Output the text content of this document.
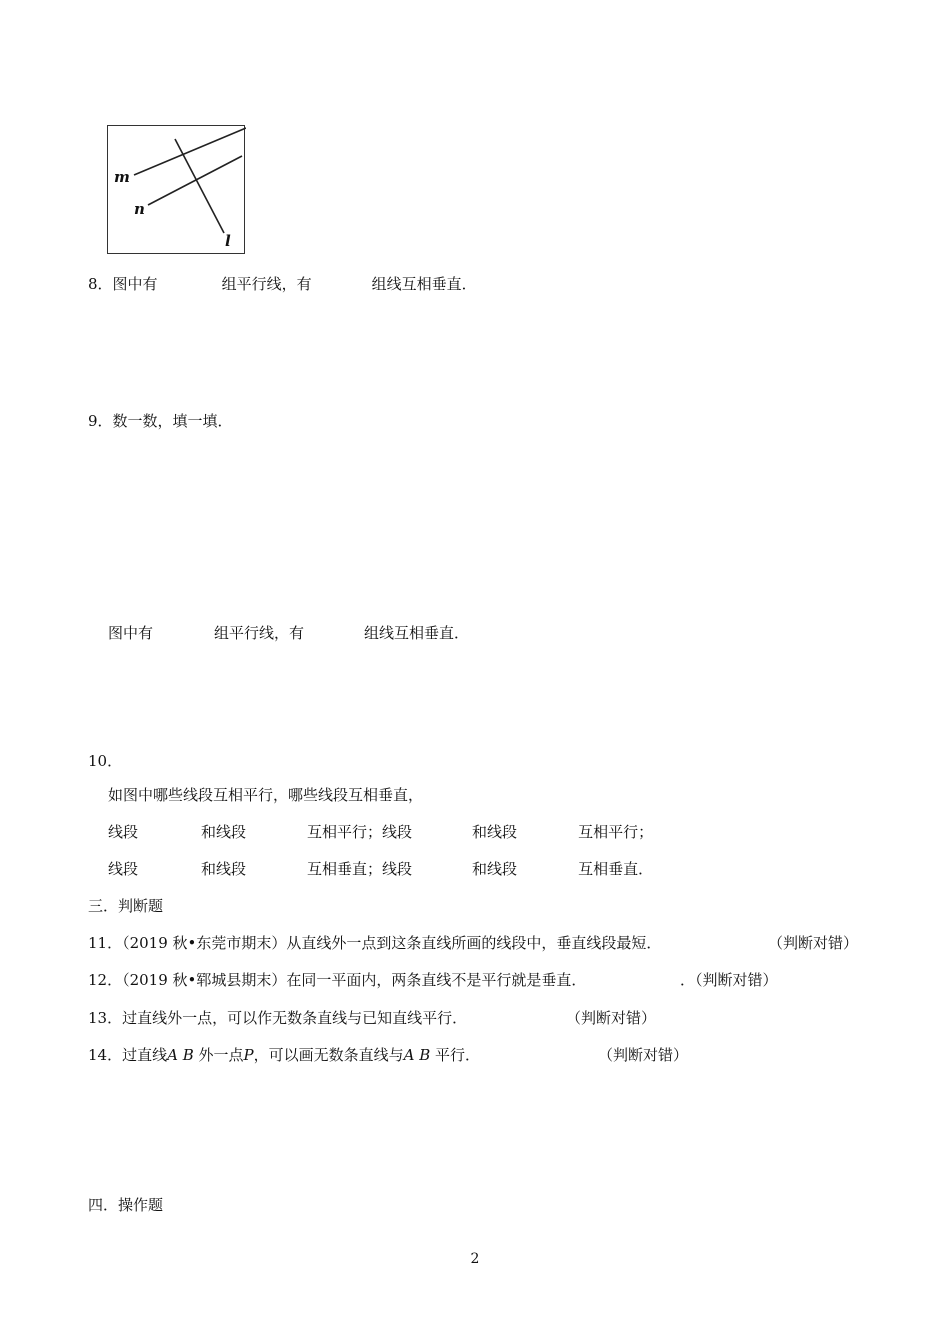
m
n
l
8．图中有	组平行线，有	组线互相垂直．
9．数一数，填一填．
图中有	组平行线，有	组线互相垂直．
10．
如图中哪些线段互相平行，哪些线段互相垂直，
线段	和线段	互相平行；线段	和线段	互相平行；
线段	和线段	互相垂直；线段	和线段	互相垂直．
三．判断题
11．（2019 秋•东莞市期末）从直线外一点到这条直线所画的线段中，垂直线段最短．	（判断对错）
12．（2019 秋•郓城县期末）在同一平面内，两条直线不是平行就是垂直．	．（判断对错）
13．过直线外一点，可以作无数条直线与已知直线平行．	（判断对错）
14．过直线A B 外一点P，可以画无数条直线与A B 平行．	（判断对错）
四．操作题
2
